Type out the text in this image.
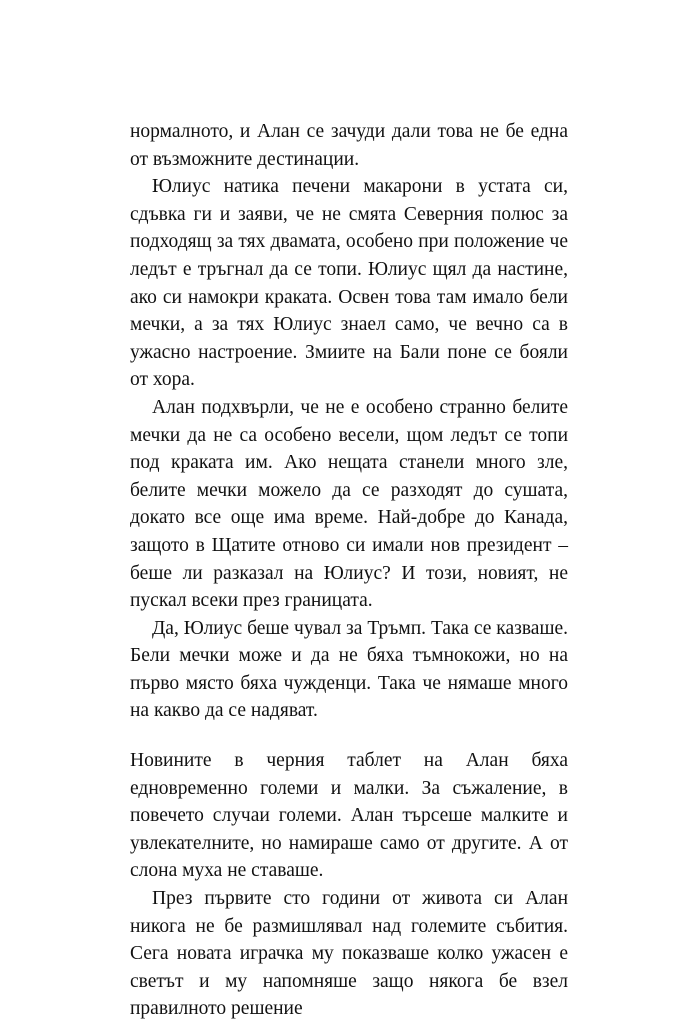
нормалното, и Алан се зачуди дали това не бе една от възможните дестинации.

Юлиус натика печени макарони в устата си, сдъвка ги и заяви, че не смята Северния полюс за подходящ за тях двамата, особено при положение че ледът е тръгнал да се топи. Юлиус щял да настине, ако си намокри краката. Освен това там имало бели мечки, а за тях Юлиус знаел само, че вечно са в ужасно настроение. Змиите на Бали поне се бояли от хора.

Алан подхвърли, че не е особено странно белите мечки да не са особено весели, щом ледът се топи под краката им. Ако нещата станели много зле, белите мечки можело да се разходят до сушата, докато все още има време. Най-добре до Канада, защото в Щатите отново си имали нов президент – беше ли разказал на Юлиус? И този, новият, не пускал всеки през границата.

Да, Юлиус беше чувал за Тръмп. Така се казваше. Бели мечки може и да не бяха тъмнокожи, но на първо място бяха чужденци. Така че нямаше много на какво да се надяват.

Новините в черния таблет на Алан бяха едновременно големи и малки. За съжаление, в повечето случаи големи. Алан търсеше малките и увлекателните, но намираше само от другите. А от слона муха не ставаше.

През първите сто години от живота си Алан никога не бе размишлявал над големите събития. Сега новата играчка му показваше колко ужасен е светът и му напомняше защо някога бе взел правилното решение
